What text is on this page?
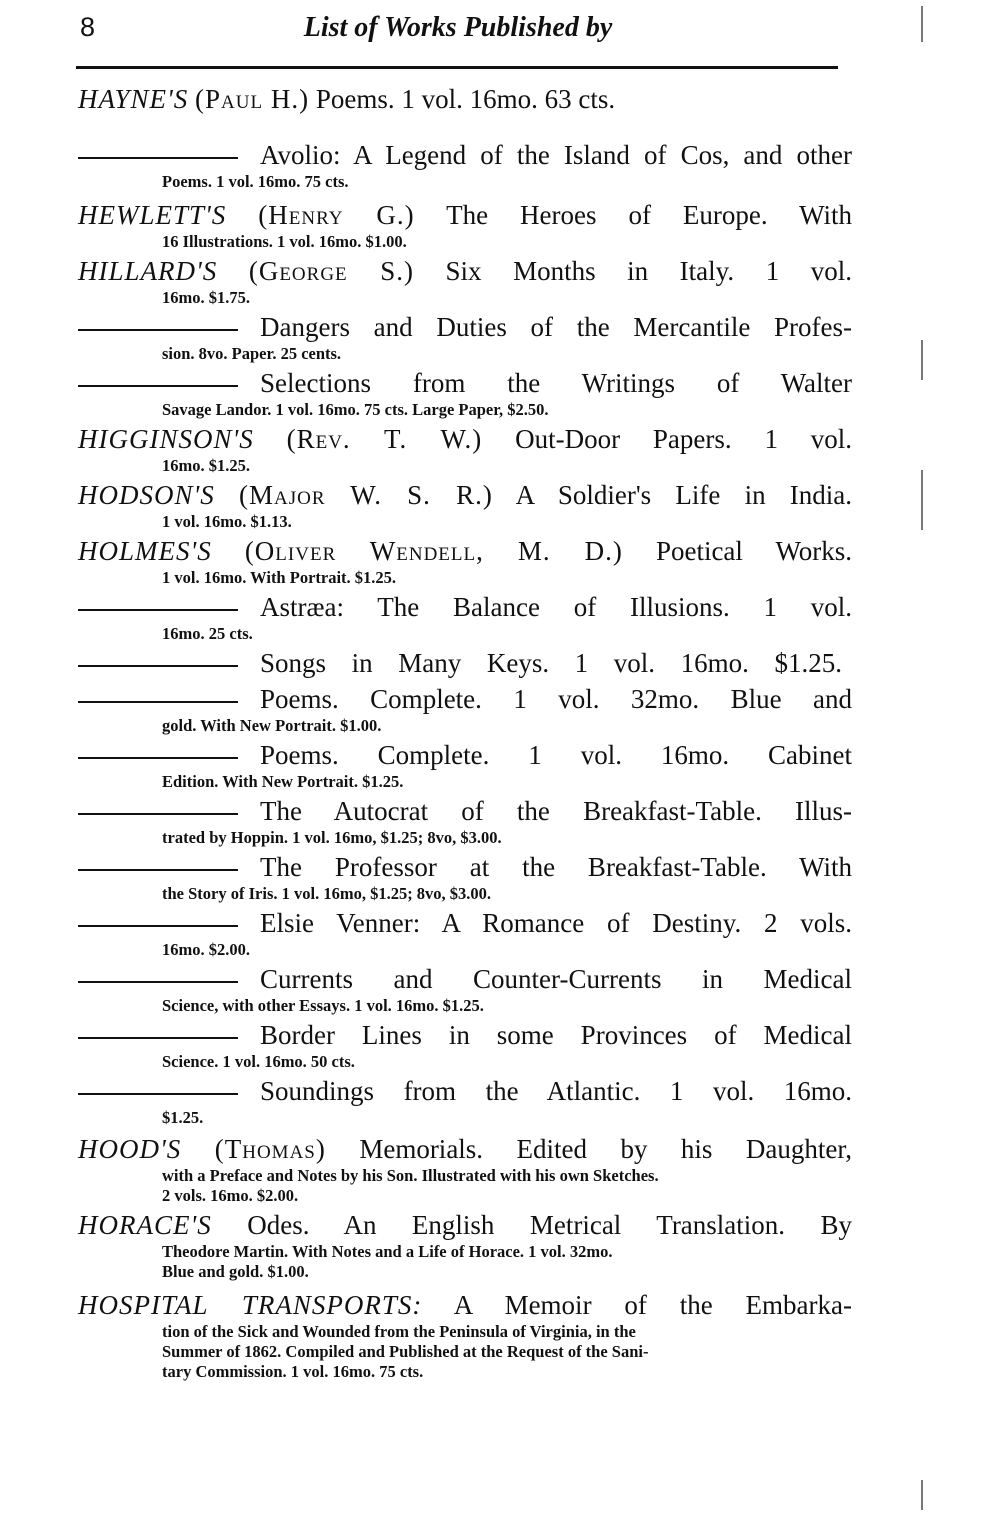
8	List of Works Published by
HAYNE'S (Paul H.) Poems. 1 vol. 16mo. 63 cts.
Avolio: A Legend of the Island of Cos, and other
Poems. 1 vol. 16mo. 75 cts.
HEWLETT'S (Henry G.) The Heroes of Europe. With
16 Illustrations. 1 vol. 16mo. $1.00.
HILLARD'S (George S.) Six Months in Italy. 1 vol.
16mo. $1.75.
Dangers and Duties of the Mercantile Profes-
sion. 8vo. Paper. 25 cents.
Selections from the Writings of Walter
Savage Landor. 1 vol. 16mo. 75 cts. Large Paper, $2.50.
HIGGINSON'S (Rev. T. W.) Out-Door Papers. 1 vol.
16mo. $1.25.
HODSON'S (Major W. S. R.) A Soldier's Life in India.
1 vol. 16mo. $1.13.
HOLMES'S (Oliver Wendell, M. D.) Poetical Works.
1 vol. 16mo. With Portrait. $1.25.
Astræa: The Balance of Illusions. 1 vol.
16mo. 25 cts.
Songs in Many Keys. 1 vol. 16mo. $1.25.
Poems. Complete. 1 vol. 32mo. Blue and
gold. With New Portrait. $1.00.
Poems. Complete. 1 vol. 16mo. Cabinet
Edition. With New Portrait. $1.25.
The Autocrat of the Breakfast-Table. Illus-
trated by Hoppin. 1 vol. 16mo, $1.25; 8vo, $3.00.
The Professor at the Breakfast-Table. With
the Story of Iris. 1 vol. 16mo, $1.25; 8vo, $3.00.
Elsie Venner: A Romance of Destiny. 2 vols.
16mo. $2.00.
Currents and Counter-Currents in Medical
Science, with other Essays. 1 vol. 16mo. $1.25.
Border Lines in some Provinces of Medical
Science. 1 vol. 16mo. 50 cts.
Soundings from the Atlantic. 1 vol. 16mo.
$1.25.
HOOD'S (Thomas) Memorials. Edited by his Daughter,
with a Preface and Notes by his Son. Illustrated with his own Sketches.
2 vols. 16mo. $2.00.
HORACE'S Odes. An English Metrical Translation. By
Theodore Martin. With Notes and a Life of Horace. 1 vol. 32mo.
Blue and gold. $1.00.
HOSPITAL TRANSPORTS: A Memoir of the Embarka-
tion of the Sick and Wounded from the Peninsula of Virginia, in the
Summer of 1862. Compiled and Published at the Request of the Sani-
tary Commission. 1 vol. 16mo. 75 cts.
